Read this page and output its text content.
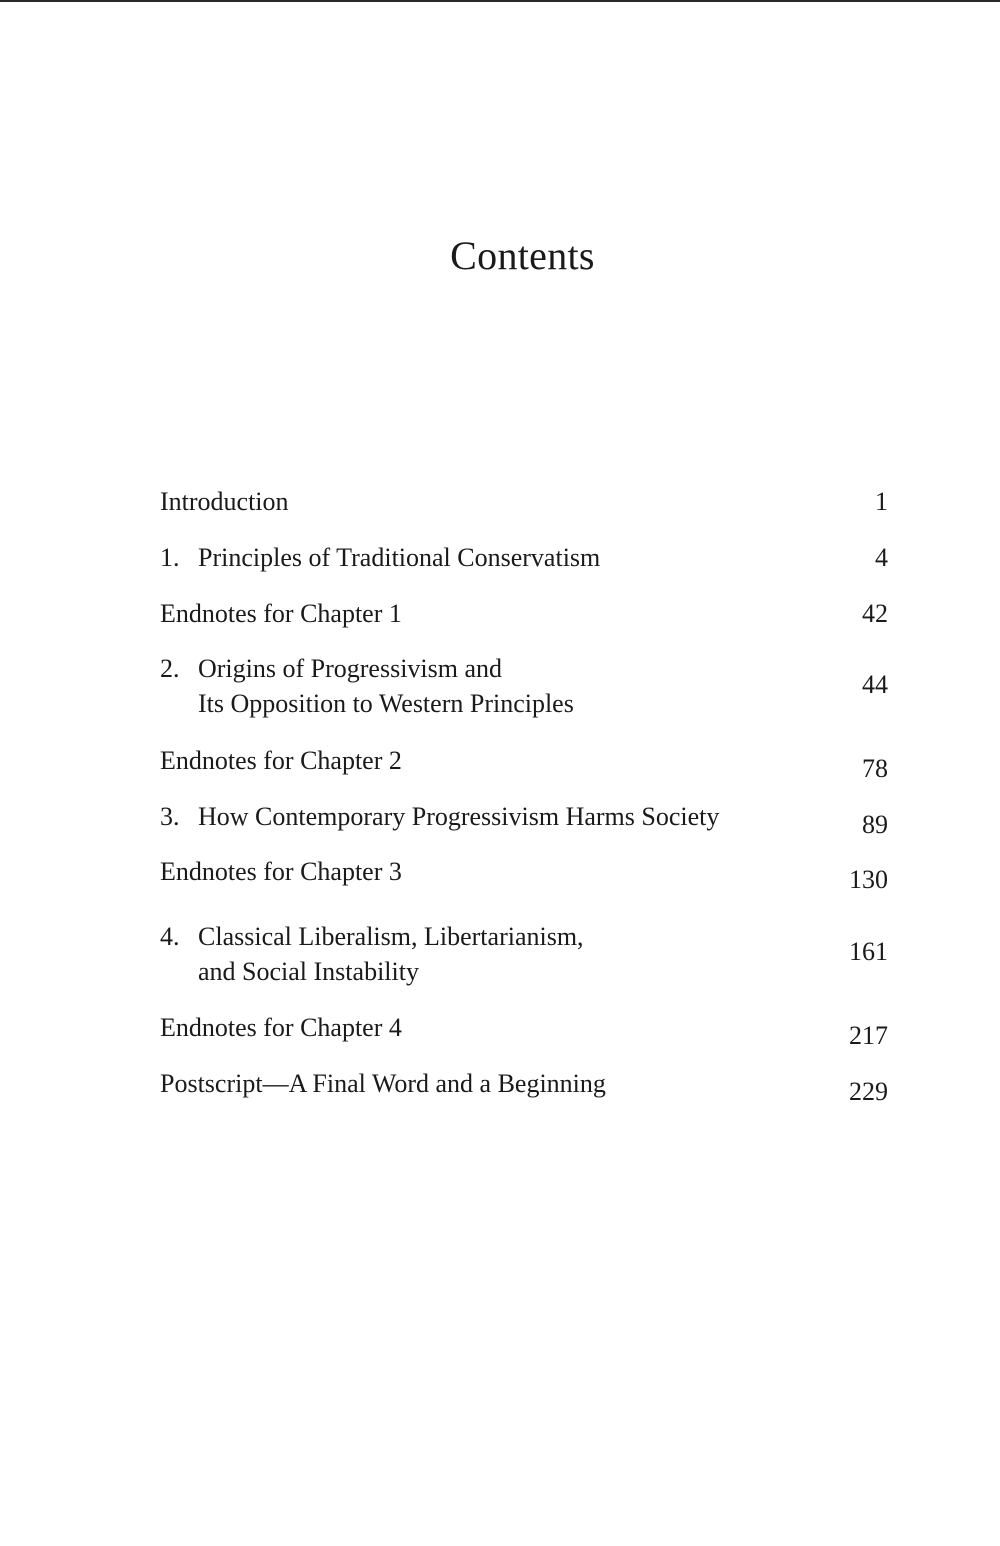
Contents
Introduction	1
1. Principles of Traditional Conservatism	4
Endnotes for Chapter 1	42
2. Origins of Progressivism and
Its Opposition to Western Principles
44
Endnotes for Chapter 2	78
3. How Contemporary Progressivism Harms Society	89
Endnotes for Chapter 3	130
4. Classical Liberalism, Libertarianism,
and Social Instability
161
Endnotes for Chapter 4	217
Postscript—A Final Word and a Beginning	229
